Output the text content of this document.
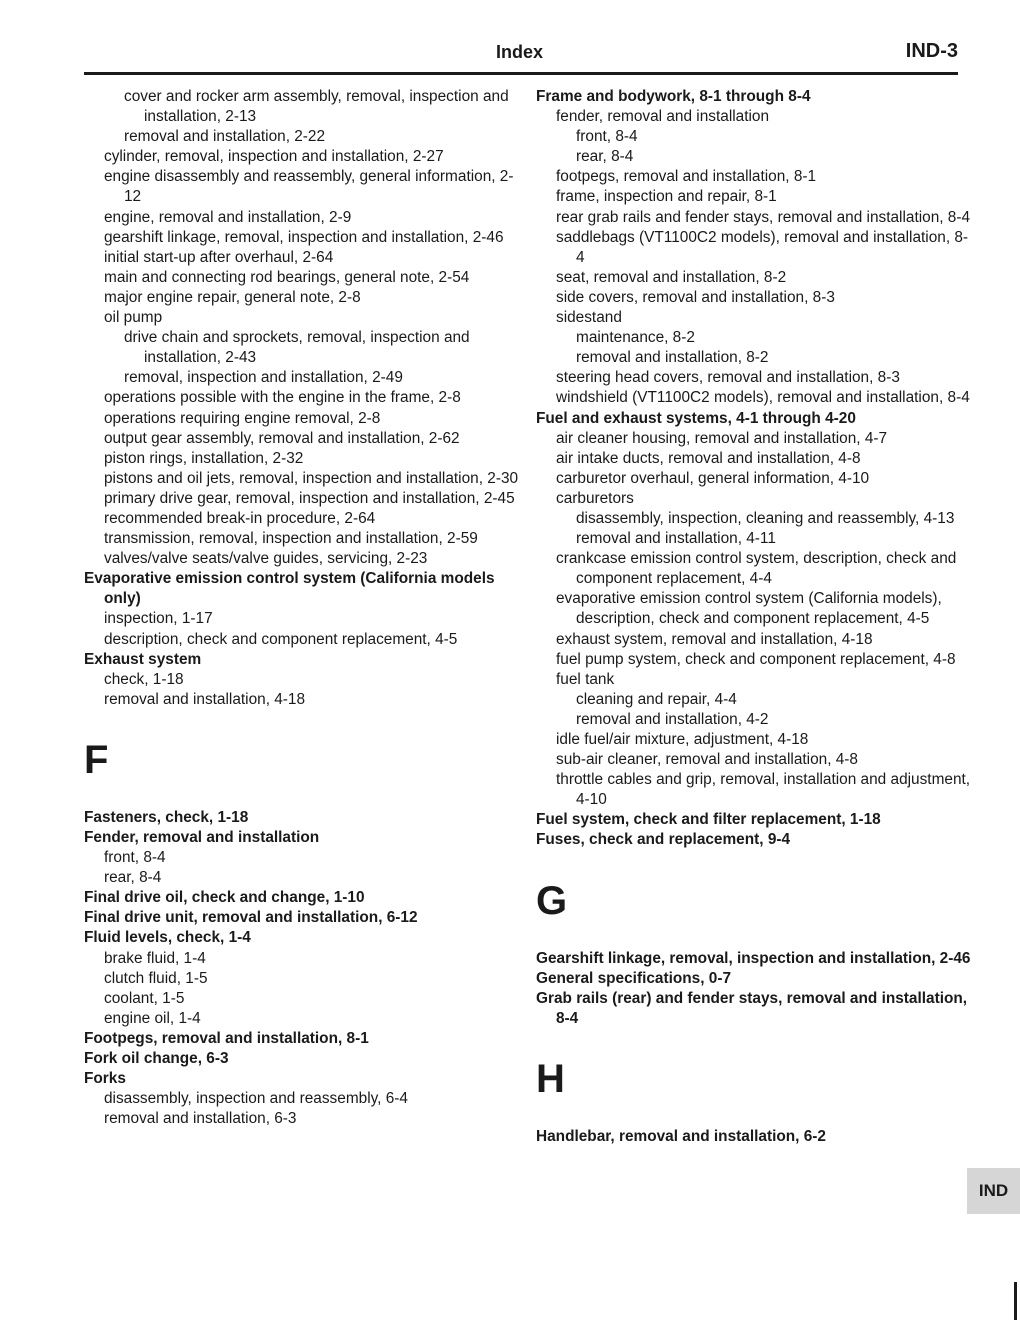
Index	IND-3
cover and rocker arm assembly, removal, inspection and installation, 2-13
removal and installation, 2-22
cylinder, removal, inspection and installation, 2-27
engine disassembly and reassembly, general information, 2-12
engine, removal and installation, 2-9
gearshift linkage, removal, inspection and installation, 2-46
initial start-up after overhaul, 2-64
main and connecting rod bearings, general note, 2-54
major engine repair, general note, 2-8
oil pump
drive chain and sprockets, removal, inspection and installation, 2-43
removal, inspection and installation, 2-49
operations possible with the engine in the frame, 2-8
operations requiring engine removal, 2-8
output gear assembly, removal and installation, 2-62
piston rings, installation, 2-32
pistons and oil jets, removal, inspection and installation, 2-30
primary drive gear, removal, inspection and installation, 2-45
recommended break-in procedure, 2-64
transmission, removal, inspection and installation, 2-59
valves/valve seats/valve guides, servicing, 2-23
Evaporative emission control system (California models only)
inspection, 1-17
description, check and component replacement, 4-5
Exhaust system
check, 1-18
removal and installation, 4-18
F
Fasteners, check, 1-18
Fender, removal and installation
front, 8-4
rear, 8-4
Final drive oil, check and change, 1-10
Final drive unit, removal and installation, 6-12
Fluid levels, check, 1-4
brake fluid, 1-4
clutch fluid, 1-5
coolant, 1-5
engine oil, 1-4
Footpegs, removal and installation, 8-1
Fork oil change, 6-3
Forks
disassembly, inspection and reassembly, 6-4
removal and installation, 6-3
Frame and bodywork, 8-1 through 8-4
fender, removal and installation
front, 8-4
rear, 8-4
footpegs, removal and installation, 8-1
frame, inspection and repair, 8-1
rear grab rails and fender stays, removal and installation, 8-4
saddlebags (VT1100C2 models), removal and installation, 8-4
seat, removal and installation, 8-2
side covers, removal and installation, 8-3
sidestand
maintenance, 8-2
removal and installation, 8-2
steering head covers, removal and installation, 8-3
windshield (VT1100C2 models), removal and installation, 8-4
Fuel and exhaust systems, 4-1 through 4-20
air cleaner housing, removal and installation, 4-7
air intake ducts, removal and installation, 4-8
carburetor overhaul, general information, 4-10
carburetors
disassembly, inspection, cleaning and reassembly, 4-13
removal and installation, 4-11
crankcase emission control system, description, check and component replacement, 4-4
evaporative emission control system (California models), description, check and component replacement, 4-5
exhaust system, removal and installation, 4-18
fuel pump system, check and component replacement, 4-8
fuel tank
cleaning and repair, 4-4
removal and installation, 4-2
idle fuel/air mixture, adjustment, 4-18
sub-air cleaner, removal and installation, 4-8
throttle cables and grip, removal, installation and adjustment, 4-10
Fuel system, check and filter replacement, 1-18
Fuses, check and replacement, 9-4
G
Gearshift linkage, removal, inspection and installation, 2-46
General specifications, 0-7
Grab rails (rear) and fender stays, removal and installation, 8-4
H
Handlebar, removal and installation, 6-2
IND
